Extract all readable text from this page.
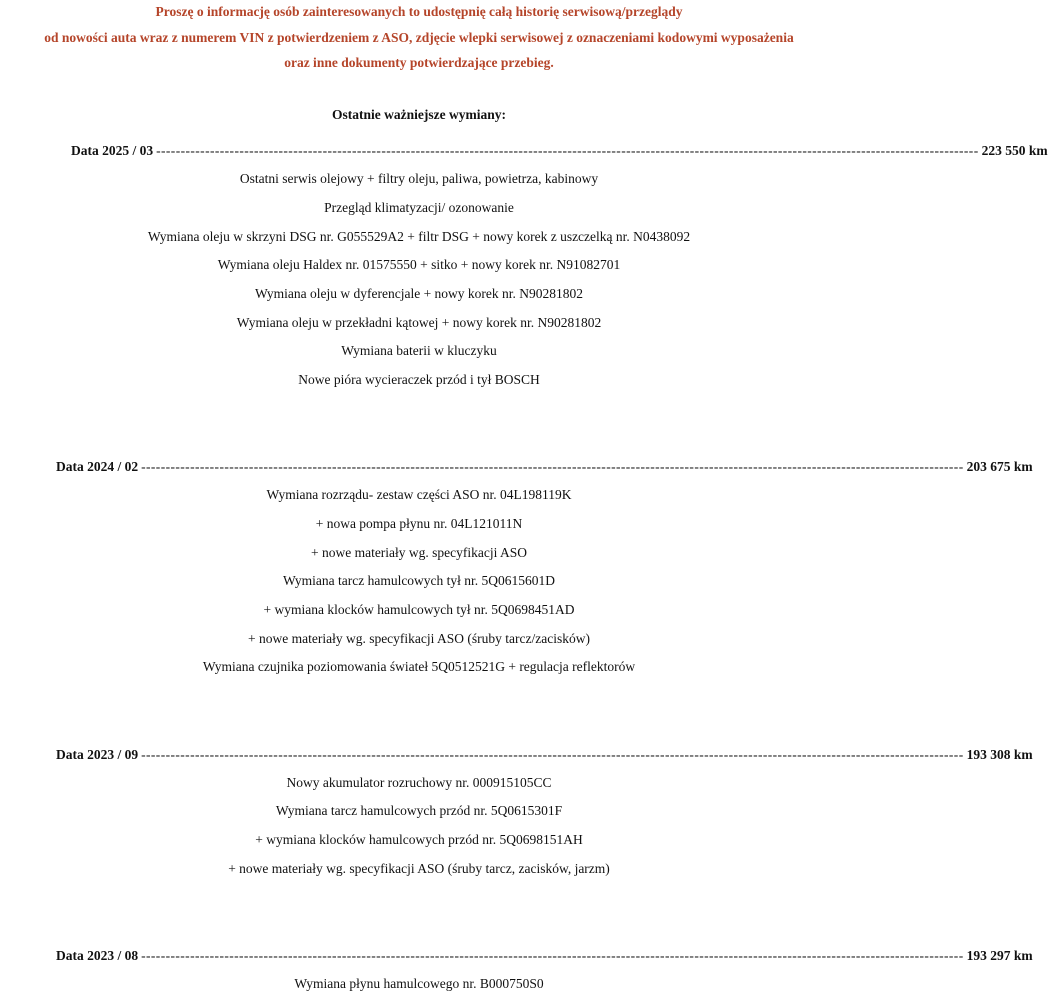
Proszę o informację osób zainteresowanych to udostępnię całą historię serwisową/przeglądy
od nowości auta wraz z numerem VIN z potwierdzeniem z ASO, zdjęcie wlepki serwisowej z oznaczeniami kodowymi wyposażenia
oraz inne dokumenty potwierdzające przebieg.
Ostatnie ważniejsze wymiany:
Data 2025 / 03 ------------------------------------------------------------------------------------------------------------------------------------------------------------------------ 223 550 km
Ostatni serwis olejowy + filtry oleju, paliwa, powietrza, kabinowy
Przegląd klimatyzacji/ ozonowanie
Wymiana oleju w skrzyni DSG nr. G055529A2 + filtr DSG + nowy korek z uszczelką nr. N0438092
Wymiana oleju Haldex nr. 01575550 + sitko + nowy korek nr. N91082701
Wymiana oleju w dyferencjale + nowy korek nr. N90281802
Wymiana oleju w przekładni kątowej + nowy korek nr. N90281802
Wymiana baterii w kluczyku
Nowe pióra wycieraczek przód i tył BOSCH
Data 2024 / 02 ------------------------------------------------------------------------------------------------------------------------------------------------------------------------ 203 675 km
Wymiana rozrządu- zestaw części ASO nr. 04L198119K
+ nowa pompa płynu nr. 04L121011N
+ nowe materiały wg. specyfikacji ASO
Wymiana tarcz hamulcowych tył nr. 5Q0615601D
+ wymiana klocków hamulcowych tył nr. 5Q0698451AD
+ nowe materiały wg. specyfikacji ASO (śruby tarcz/zacisków)
Wymiana czujnika poziomowania świateł 5Q0512521G + regulacja reflektorów
Data 2023 / 09 ------------------------------------------------------------------------------------------------------------------------------------------------------------------------ 193 308 km
Nowy akumulator rozruchowy nr. 000915105CC
Wymiana tarcz hamulcowych przód nr. 5Q0615301F
+ wymiana klocków hamulcowych przód nr. 5Q0698151AH
+ nowe materiały wg. specyfikacji ASO (śruby tarcz, zacisków, jarzm)
Data 2023 / 08 ------------------------------------------------------------------------------------------------------------------------------------------------------------------------ 193 297 km
Wymiana płynu hamulcowego nr. B000750S0
